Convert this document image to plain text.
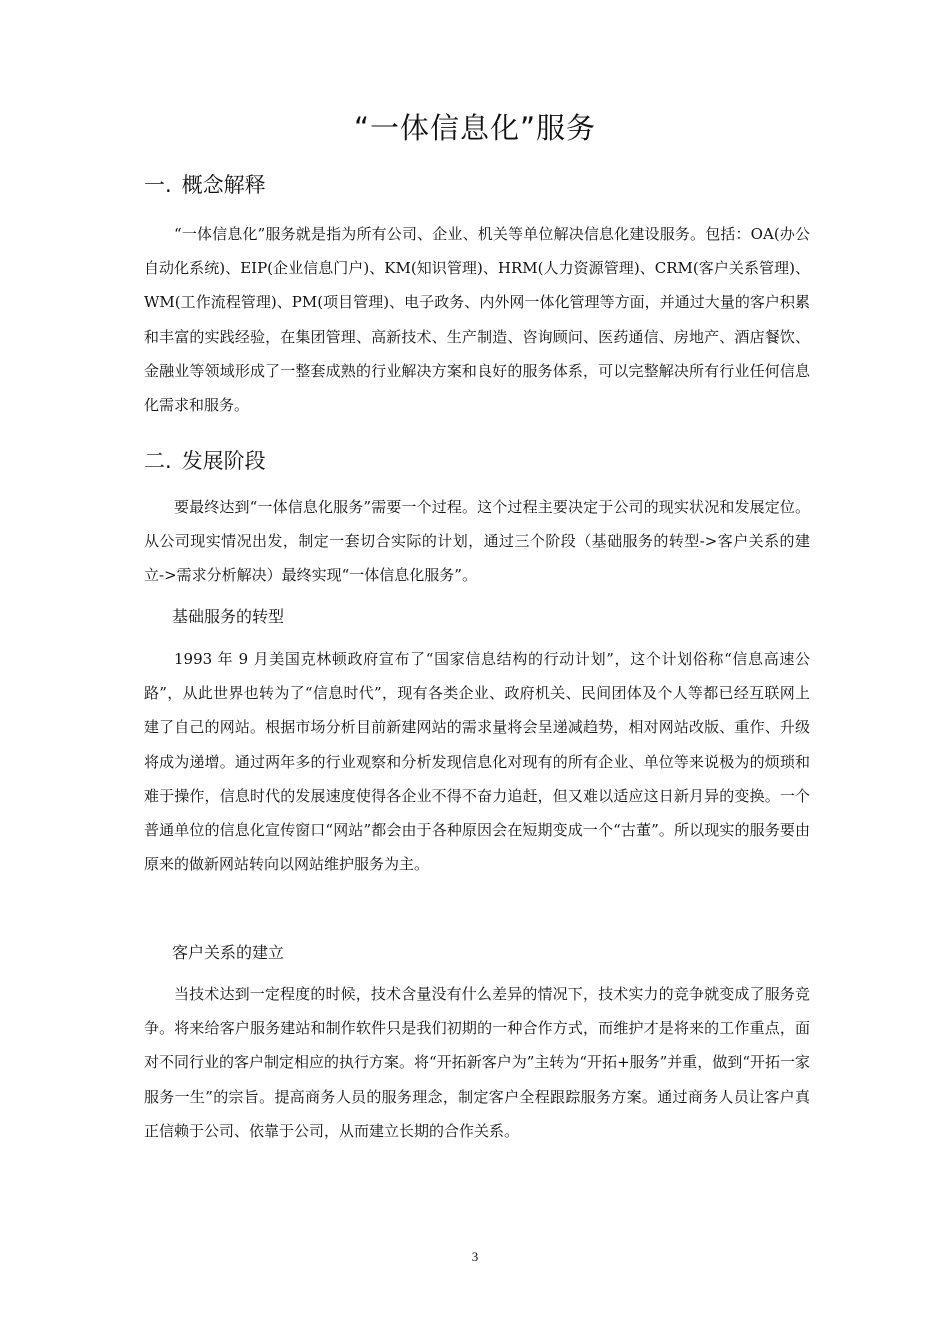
“一体信息化”服务
一. 概念解释

“一体信息化”服务就是指为所有公司、企业、机关等单位解决信息化建设服务。包括：OA(办公自动化系统)、EIP(企业信息门户)、KM(知识管理)、HRM(人力资源管理)、CRM(客户关系管理)、WM(工作流程管理)、PM(项目管理)、电子政务、内外网一体化管理等方面，并通过大量的客户积累和丰富的实践经验，在集团管理、高新技术、生产制造、咨询顾问、医药通信、房地产、酒店餐饮、金融业等领域形成了一整套成熟的行业解决方案和良好的服务体系，可以完整解决所有行业任何信息化需求和服务。

二. 发展阶段

要最终达到“一体信息化服务”需要一个过程。这个过程主要决定于公司的现实状况和发展定位。从公司现实情况出发，制定一套切合实际的计划，通过三个阶段（基础服务的转型->客户关系的建立->需求分析解决）最终实现“一体信息化服务”。

基础服务的转型

1993 年 9 月美国克林顿政府宣布了“国家信息结构的行动计划”，这个计划俗称“信息高速公路”，从此世界也转为了“信息时代”，现有各类企业、政府机关、民间团体及个人等都已经互联网上建了自己的网站。根据市场分析目前新建网站的需求量将会呈递减趋势，相对网站改版、重作、升级将成为递增。通过两年多的行业观察和分析发现信息化对现有的所有企业、单位等来说极为的烦琐和难于操作，信息时代的发展速度使得各企业不得不奋力追赶，但又难以适应这日新月异的变换。一个普通单位的信息化宣传窗口“网站”都会由于各种原因会在短期变成一个“古董”。所以现实的服务要由原来的做新网站转向以网站维护服务为主。

客户关系的建立

当技术达到一定程度的时候，技术含量没有什么差异的情况下，技术实力的竞争就变成了服务竞争。将来给客户服务建站和制作软件只是我们初期的一种合作方式，而维护才是将来的工作重点，面对不同行业的客户制定相应的执行方案。将“开拓新客户为”主转为“开拓+服务”并重，做到“开拓一家服务一生”的宗旨。提高商务人员的服务理念，制定客户全程跟踪服务方案。通过商务人员让客户真正信赖于公司、依靠于公司，从而建立长期的合作关系。

3
